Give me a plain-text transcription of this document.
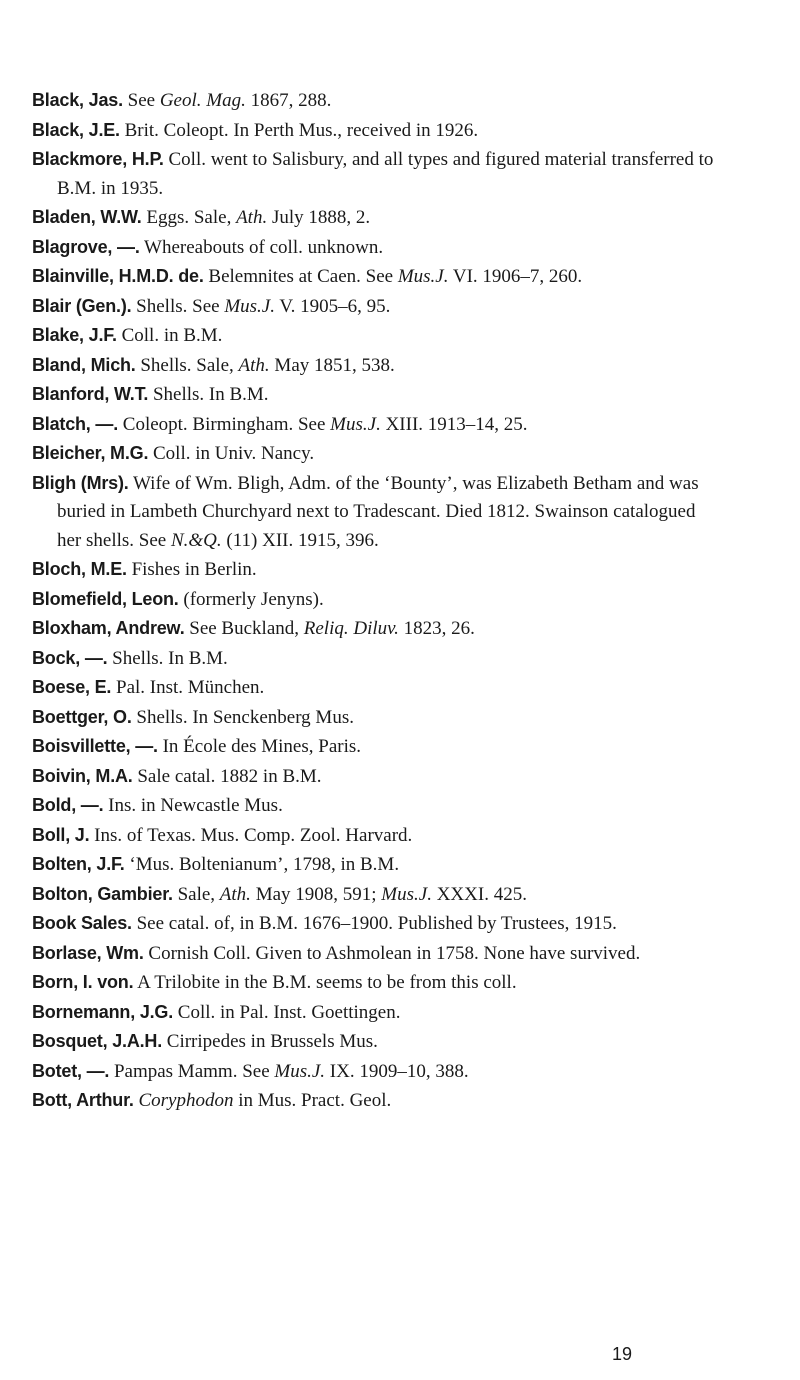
Black, Jas. See Geol. Mag. 1867, 288.

Black, J.E. Brit. Coleopt. In Perth Mus., received in 1926.

Blackmore, H.P. Coll. went to Salisbury, and all types and figured material transferred to B.M. in 1935.

Bladen, W.W. Eggs. Sale, Ath. July 1888, 2.

Blagrove, —. Whereabouts of coll. unknown.

Blainville, H.M.D. de. Belemnites at Caen. See Mus.J. VI. 1906–7, 260.

Blair (Gen.). Shells. See Mus.J. V. 1905–6, 95.

Blake, J.F. Coll. in B.M.

Bland, Mich. Shells. Sale, Ath. May 1851, 538.

Blanford, W.T. Shells. In B.M.

Blatch, —. Coleopt. Birmingham. See Mus.J. XIII. 1913–14, 25.

Bleicher, M.G. Coll. in Univ. Nancy.

Bligh (Mrs). Wife of Wm. Bligh, Adm. of the ‘Bounty’, was Elizabeth Betham and was buried in Lambeth Churchyard next to Tradescant. Died 1812. Swainson catalogued her shells. See N.&Q. (11) XII. 1915, 396.

Bloch, M.E. Fishes in Berlin.

Blomefield, Leon. (formerly Jenyns).

Bloxham, Andrew. See Buckland, Reliq. Diluv. 1823, 26.

Bock, —. Shells. In B.M.

Boese, E. Pal. Inst. München.

Boettger, O. Shells. In Senckenberg Mus.

Boisvillette, —. In École des Mines, Paris.

Boivin, M.A. Sale catal. 1882 in B.M.

Bold, —. Ins. in Newcastle Mus.

Boll, J. Ins. of Texas. Mus. Comp. Zool. Harvard.

Bolten, J.F. ‘Mus. Boltenianum’, 1798, in B.M.

Bolton, Gambier. Sale, Ath. May 1908, 591; Mus.J. XXXI. 425.

Book Sales. See catal. of, in B.M. 1676–1900. Published by Trustees, 1915.

Borlase, Wm. Cornish Coll. Given to Ashmolean in 1758. None have survived.

Born, I. von. A Trilobite in the B.M. seems to be from this coll.

Bornemann, J.G. Coll. in Pal. Inst. Goettingen.

Bosquet, J.A.H. Cirripedes in Brussels Mus.

Botet, —. Pampas Mamm. See Mus.J. IX. 1909–10, 388.

Bott, Arthur. Coryphodon in Mus. Pract. Geol.

19
